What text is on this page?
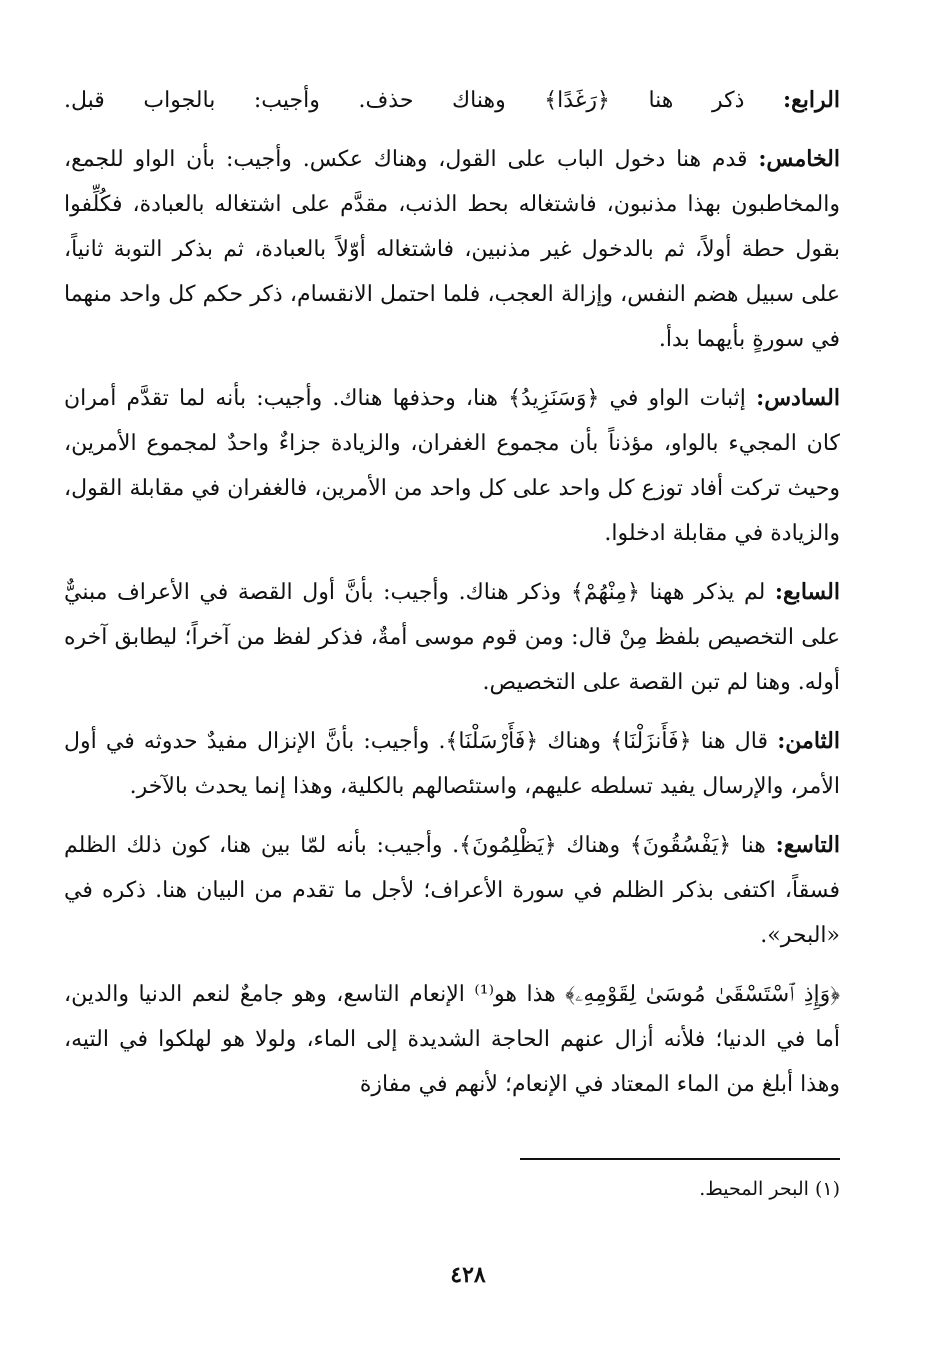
الرابع: ذكر هنا ﴿رَغَدًا﴾ وهناك حذف. وأجيب: بالجواب قبل.

الخامس: قدم هنا دخول الباب على القول، وهناك عكس. وأجيب: بأن الواو للجمع، والمخاطبون بهذا مذنبون، فاشتغاله بحط الذنب، مقدَّم على اشتغاله بالعبادة، فكُلِّفوا بقول حطة أولاً، ثم بالدخول غير مذنبين، فاشتغاله أوّلاً بالعبادة، ثم بذكر التوبة ثانياً، على سبيل هضم النفس، وإزالة العجب، فلما احتمل الانقسام، ذكر حكم كل واحد منهما في سورةٍ بأيهما بدأ.

السادس: إثبات الواو في ﴿وَسَنَزِيدُ﴾ هنا، وحذفها هناك. وأجيب: بأنه لما تقدَّم أمران كان المجيء بالواو، مؤذناً بأن مجموع الغفران، والزيادة جزاءٌ واحدٌ لمجموع الأمرين، وحيث تركت أفاد توزع كل واحد على كل واحد من الأمرين، فالغفران في مقابلة القول، والزيادة في مقابلة ادخلوا.

السابع: لم يذكر ههنا ﴿مِنْهُمْ﴾ وذكر هناك. وأجيب: بأنَّ أول القصة في الأعراف مبنيٌّ على التخصيص بلفظ مِنْ قال: ومن قوم موسى أمةٌ، فذكر لفظ من آخراً؛ ليطابق آخره أوله. وهنا لم تبن القصة على التخصيص.

الثامن: قال هنا ﴿فَأَنزَلْنَا﴾ وهناك ﴿فَأَرْسَلْنَا﴾. وأجيب: بأنَّ الإنزال مفيدٌ حدوثه في أول الأمر، والإرسال يفيد تسلطه عليهم، واستئصالهم بالكلية، وهذا إنما يحدث بالآخر.

التاسع: هنا ﴿يَفْسُقُونَ﴾ وهناك ﴿يَظْلِمُونَ﴾. وأجيب: بأنه لمّا بين هنا، كون ذلك الظلم فسقاً، اكتفى بذكر الظلم في سورة الأعراف؛ لأجل ما تقدم من البيان هنا. ذكره في «البحر».

﴿وَإِذِ ٱسْتَسْقَىٰ مُوسَىٰ لِقَوْمِهِۦ﴾ هذا هو⁽¹⁾ الإنعام التاسع، وهو جامعٌ لنعم الدنيا والدين، أما في الدنيا؛ فلأنه أزال عنهم الحاجة الشديدة إلى الماء، ولولا هو لهلكوا في التيه، وهذا أبلغ من الماء المعتاد في الإنعام؛ لأنهم في مفازة

(١) البحر المحيط.
٤٢٨
